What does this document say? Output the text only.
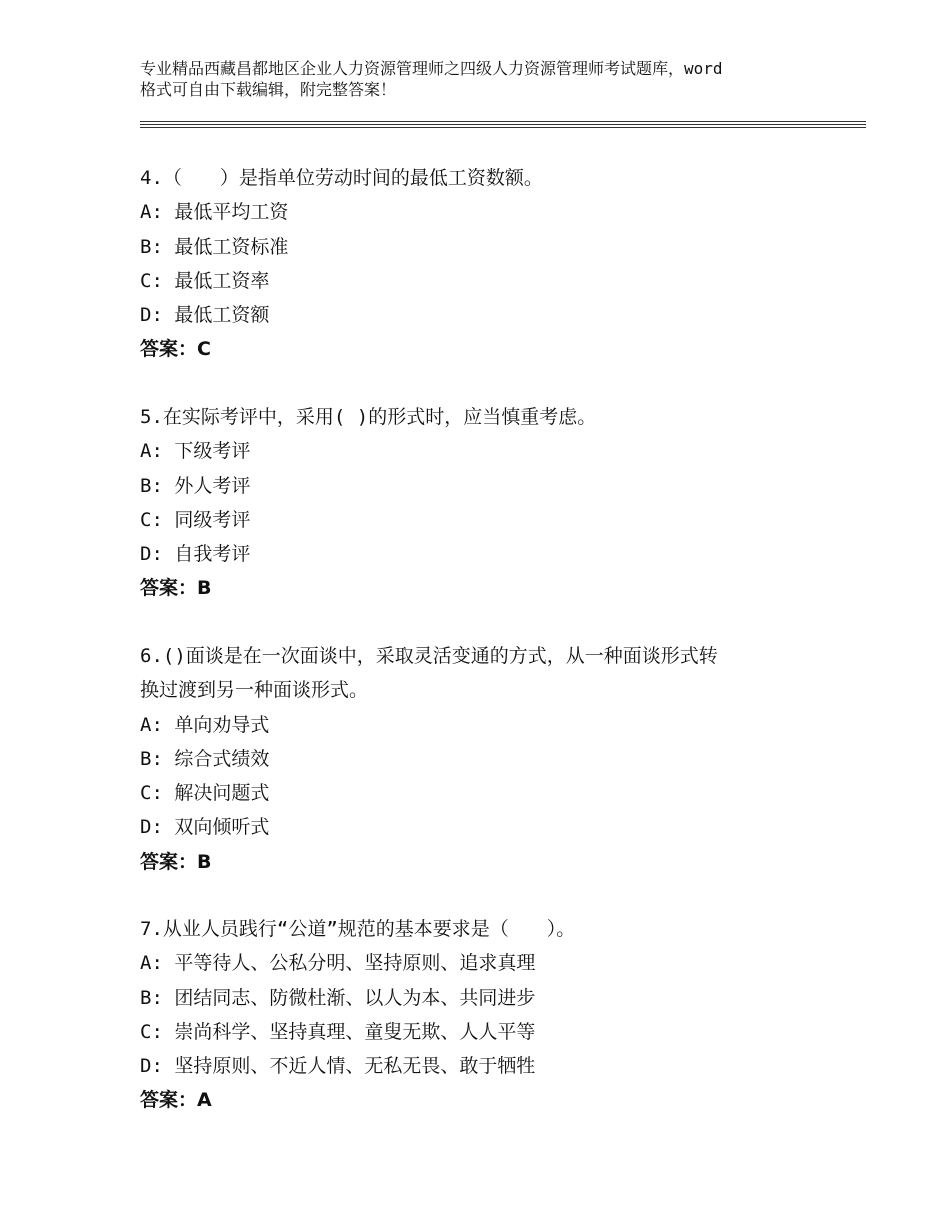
专业精品西藏昌都地区企业人力资源管理师之四级人力资源管理师考试题库，word
格式可自由下载编辑，附完整答案！
4.（　　）是指单位劳动时间的最低工资数额。
A: 最低平均工资
B: 最低工资标准
C: 最低工资率
D: 最低工资额
答案：C
5.在实际考评中，采用( )的形式时，应当慎重考虑。
A: 下级考评
B: 外人考评
C: 同级考评
D: 自我考评
答案：B
6.()面谈是在一次面谈中，采取灵活变通的方式，从一种面谈形式转
换过渡到另一种面谈形式。
A: 单向劝导式
B: 综合式绩效
C: 解决问题式
D: 双向倾听式
答案：B
7.从业人员践行“公道”规范的基本要求是（　　）。
A: 平等待人、公私分明、坚持原则、追求真理
B: 团结同志、防微杜渐、以人为本、共同进步
C: 崇尚科学、坚持真理、童叟无欺、人人平等
D: 坚持原则、不近人情、无私无畏、敢于牺牲
答案：A
